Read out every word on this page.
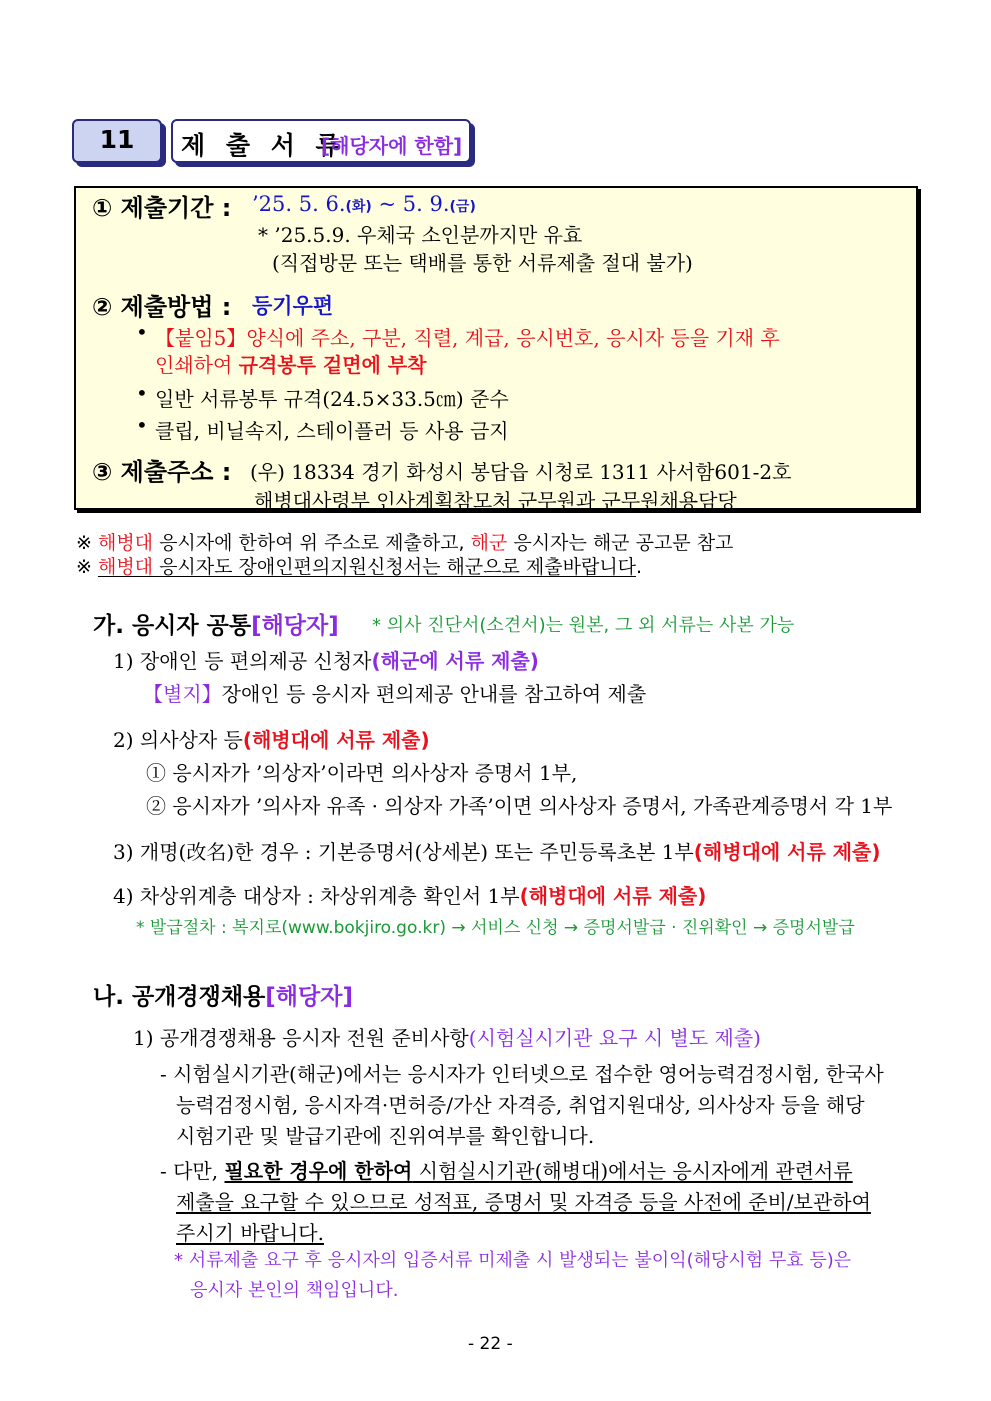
11	제 출 서 류
[해당자에 한함]
① 제출기간 : ’25. 5. 6.(화) ~ 5. 9.(금)
* ’25.5.9. 우체국 소인분까지만 유효
(직접방문 또는 택배를 통한 서류제출 절대 불가)
② 제출방법 : 등기우편
• 【붙임5】양식에 주소, 구분, 직렬, 계급, 응시번호, 응시자 등을 기재 후
인쇄하여 규격봉투 겉면에 부착
• 일반 서류봉투 규격(24.5×33.5㎝) 준수
• 클립, 비닐속지, 스테이플러 등 사용 금지
③ 제출주소 : (우) 18334 경기 화성시 봉담읍 시청로 1311 사서함601-2호
해병대사령부 인사계획참모처 군무원과 군무원채용담당
※ 해병대 응시자에 한하여 위 주소로 제출하고, 해군 응시자는 해군 공고문 참고
※ 해병대 응시자도 장애인편의지원신청서는 해군으로 제출바랍니다.
가. 응시자 공통[해당자] * 의사 진단서(소견서)는 원본, 그 외 서류는 사본 가능
1) 장애인 등 편의제공 신청자(해군에 서류 제출)
【별지】장애인 등 응시자 편의제공 안내를 참고하여 제출
2) 의사상자 등(해병대에 서류 제출)
① 응시자가 ’의상자’이라면 의사상자 증명서 1부,
② 응시자가 ’의사자 유족 · 의상자 가족’이면 의사상자 증명서, 가족관계증명서 각 1부
3) 개명(改名)한 경우 : 기본증명서(상세본) 또는 주민등록초본 1부(해병대에 서류 제출)
4) 차상위계층 대상자 : 차상위계층 확인서 1부(해병대에 서류 제출)
* 발급절차 : 복지로(www.bokjiro.go.kr) → 서비스 신청 → 증명서발급 · 진위확인 → 증명서발급
나. 공개경쟁채용[해당자]
1) 공개경쟁채용 응시자 전원 준비사항(시험실시기관 요구 시 별도 제출)
- 시험실시기관(해군)에서는 응시자가 인터넷으로 접수한 영어능력검정시험, 한국사
능력검정시험, 응시자격·면허증/가산 자격증, 취업지원대상, 의사상자 등을 해당
시험기관 및 발급기관에 진위여부를 확인합니다.
- 다만, 필요한 경우에 한하여 시험실시기관(해병대)에서는 응시자에게 관련서류
제출을 요구할 수 있으므로 성적표, 증명서 및 자격증 등을 사전에 준비/보관하여
주시기 바랍니다.
* 서류제출 요구 후 응시자의 입증서류 미제출 시 발생되는 불이익(해당시험 무효 등)은
응시자 본인의 책임입니다.
- 22 -
